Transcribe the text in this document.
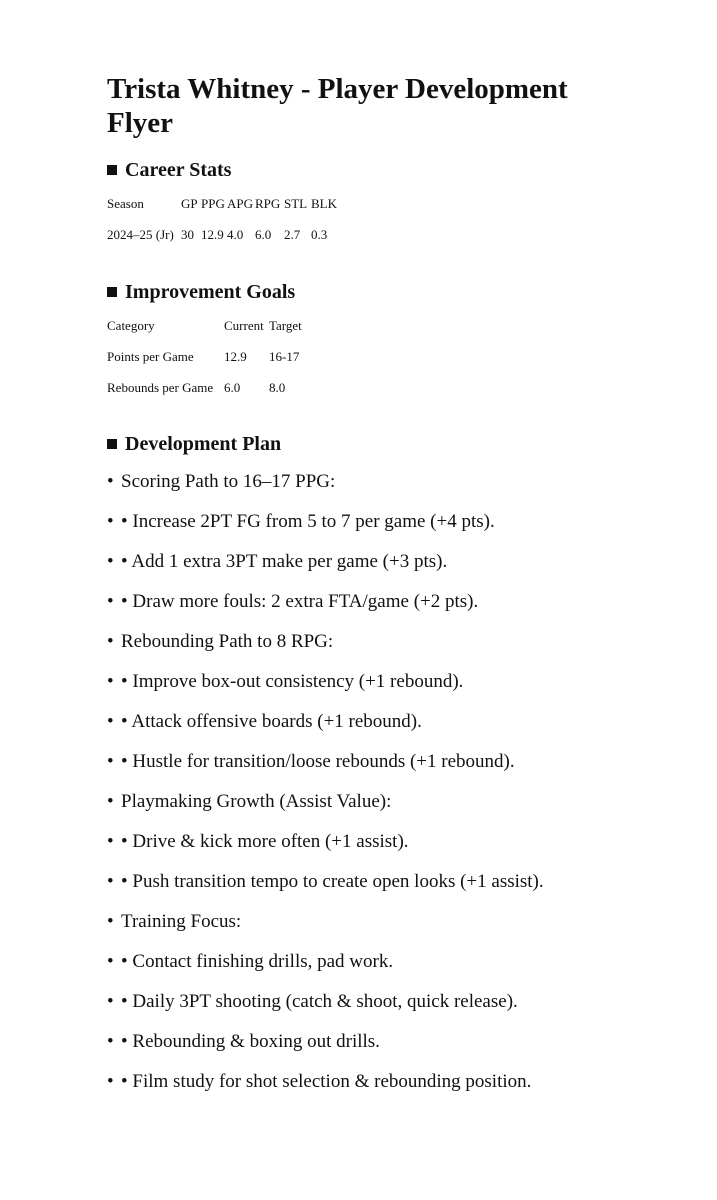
Trista Whitney - Player Development Flyer
Career Stats
Season	GP PPG APG RPG STL BLK
2024–25 (Jr) 30 12.9 4.0 6.0 2.7 0.3
Improvement Goals
Category	Current Target
Points per Game	12.9	16-17
Rebounds per Game 6.0	8.0
Development Plan
• Scoring Path to 16–17 PPG:
• • Increase 2PT FG from 5 to 7 per game (+4 pts).
• • Add 1 extra 3PT make per game (+3 pts).
• • Draw more fouls: 2 extra FTA/game (+2 pts).
• Rebounding Path to 8 RPG:
• • Improve box-out consistency (+1 rebound).
• • Attack offensive boards (+1 rebound).
• • Hustle for transition/loose rebounds (+1 rebound).
• Playmaking Growth (Assist Value):
• • Drive & kick more often (+1 assist).
• • Push transition tempo to create open looks (+1 assist).
• Training Focus:
• • Contact finishing drills, pad work.
• • Daily 3PT shooting (catch & shoot, quick release).
• • Rebounding & boxing out drills.
• • Film study for shot selection & rebounding position.
